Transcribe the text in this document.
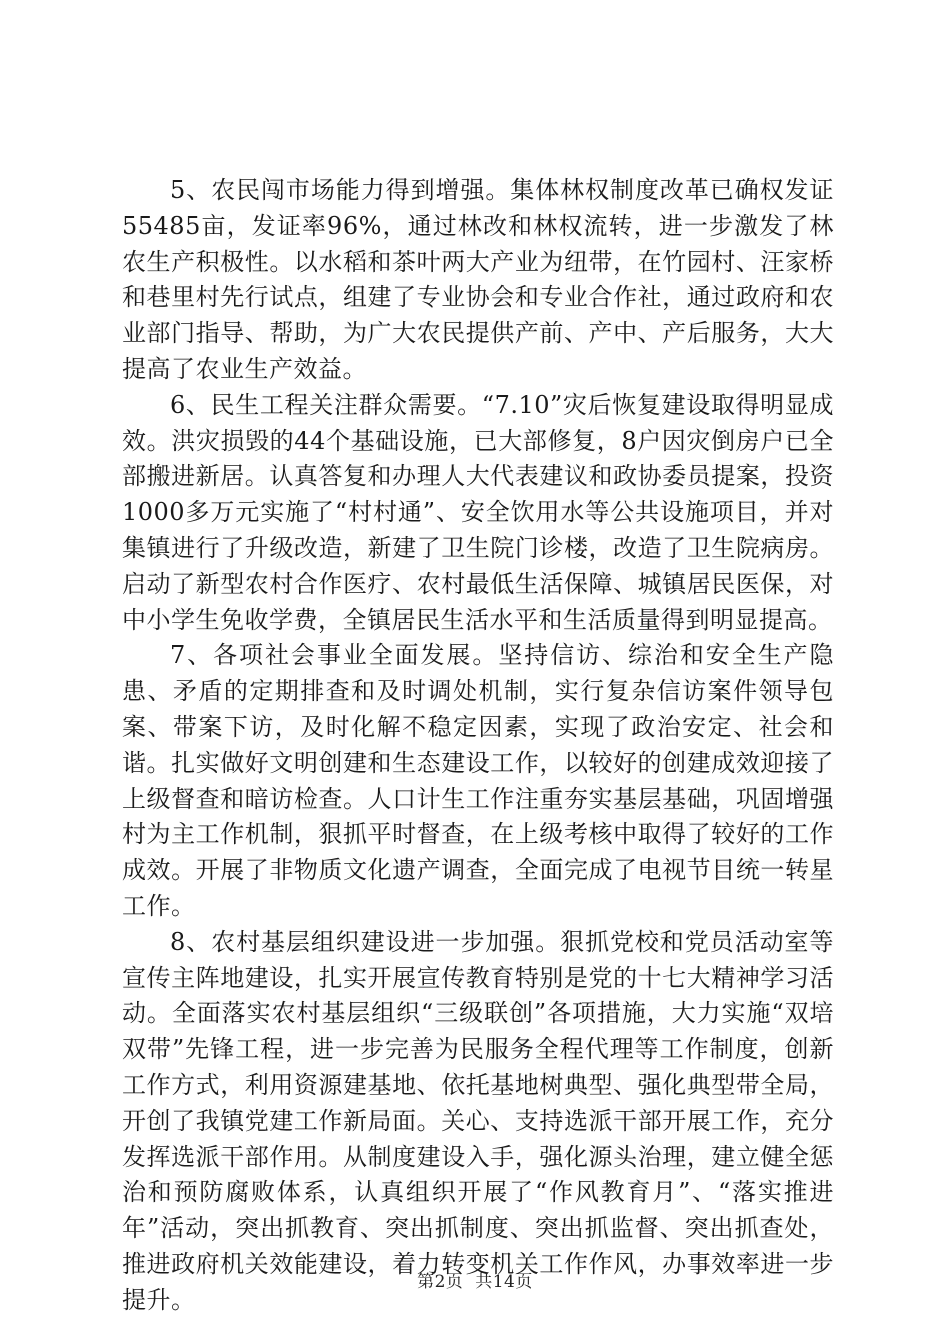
5、农民闯市场能力得到增强。集体林权制度改革已确权发证55485亩，发证率96%，通过林改和林权流转，进一步激发了林农生产积极性。以水稻和茶叶两大产业为纽带，在竹园村、汪家桥和巷里村先行试点，组建了专业协会和专业合作社，通过政府和农业部门指导、帮助，为广大农民提供产前、产中、产后服务，大大提高了农业生产效益。

6、民生工程关注群众需要。“7.10”灾后恢复建设取得明显成效。洪灾损毁的44个基础设施，已大部修复，8户因灾倒房户已全部搬进新居。认真答复和办理人大代表建议和政协委员提案，投资1000多万元实施了“村村通”、安全饮用水等公共设施项目，并对集镇进行了升级改造，新建了卫生院门诊楼，改造了卫生院病房。启动了新型农村合作医疗、农村最低生活保障、城镇居民医保，对中小学生免收学费，全镇居民生活水平和生活质量得到明显提高。

7、各项社会事业全面发展。坚持信访、综治和安全生产隐患、矛盾的定期排查和及时调处机制，实行复杂信访案件领导包案、带案下访，及时化解不稳定因素，实现了政治安定、社会和谐。扎实做好文明创建和生态建设工作，以较好的创建成效迎接了上级督查和暗访检查。人口计生工作注重夯实基层基础，巩固增强村为主工作机制，狠抓平时督查，在上级考核中取得了较好的工作成效。开展了非物质文化遗产调查，全面完成了电视节目统一转星工作。

8、农村基层组织建设进一步加强。狠抓党校和党员活动室等宣传主阵地建设，扎实开展宣传教育特别是党的十七大精神学习活动。全面落实农村基层组织“三级联创”各项措施，大力实施“双培双带”先锋工程，进一步完善为民服务全程代理等工作制度，创新工作方式，利用资源建基地、依托基地树典型、强化典型带全局，开创了我镇党建工作新局面。关心、支持选派干部开展工作，充分发挥选派干部作用。从制度建设入手，强化源头治理，建立健全惩治和预防腐败体系，认真组织开展了“作风教育月”、“落实推进年”活动，突出抓教育、突出抓制度、突出抓监督、突出抓查处，推进政府机关效能建设，着力转变机关工作作风，办事效率进一步提升。

第2页  共14页
